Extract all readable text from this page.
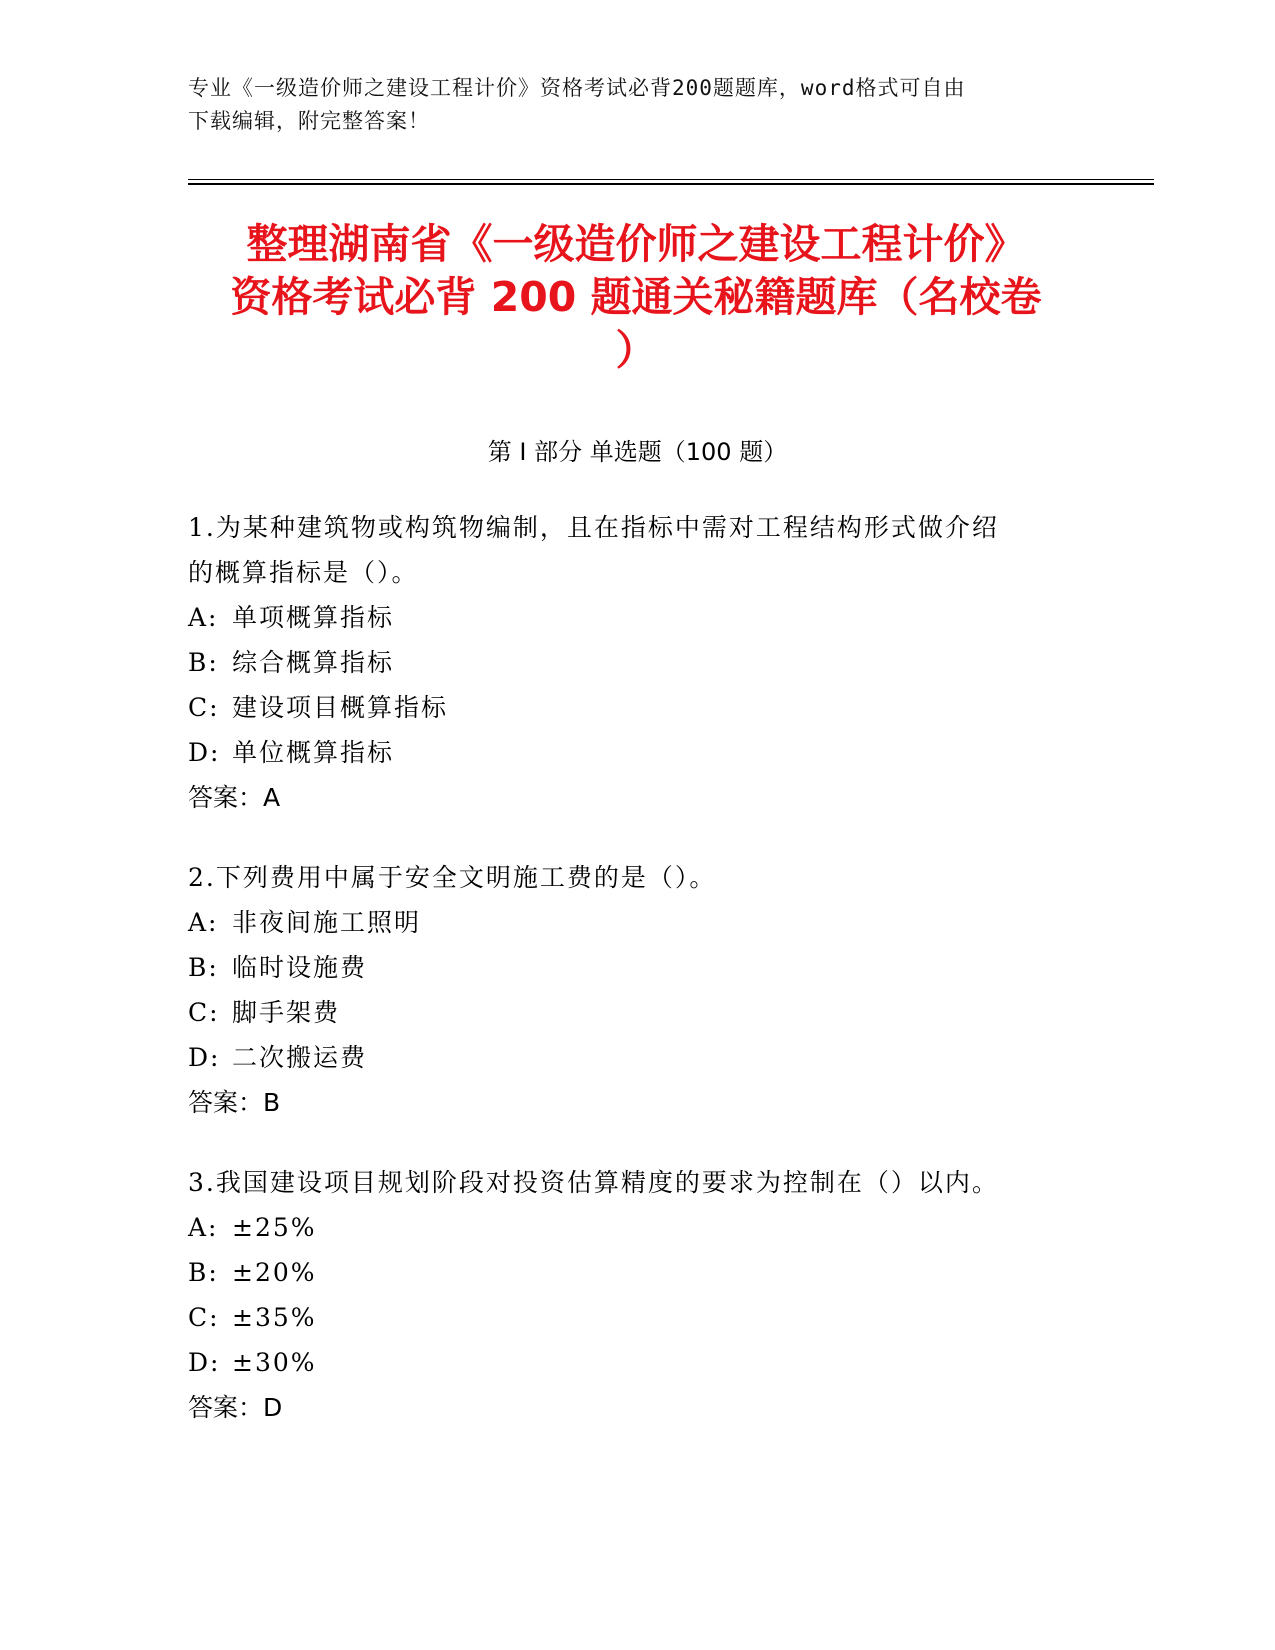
专业《一级造价师之建设工程计价》资格考试必背200题题库，word格式可自由
下载编辑，附完整答案！
整理湖南省《一级造价师之建设工程计价》
资格考试必背 200 题通关秘籍题库（名校卷
）
第 I 部分 单选题（100 题）
1.为某种建筑物或构筑物编制，且在指标中需对工程结构形式做介绍
的概算指标是（）。
A: 单项概算指标
B: 综合概算指标
C: 建设项目概算指标
D: 单位概算指标
答案：A
2.下列费用中属于安全文明施工费的是（）。
A: 非夜间施工照明
B: 临时设施费
C: 脚手架费
D: 二次搬运费
答案：B
3.我国建设项目规划阶段对投资估算精度的要求为控制在（）以内。
A: ±25%
B: ±20%
C: ±35%
D: ±30%
答案：D
